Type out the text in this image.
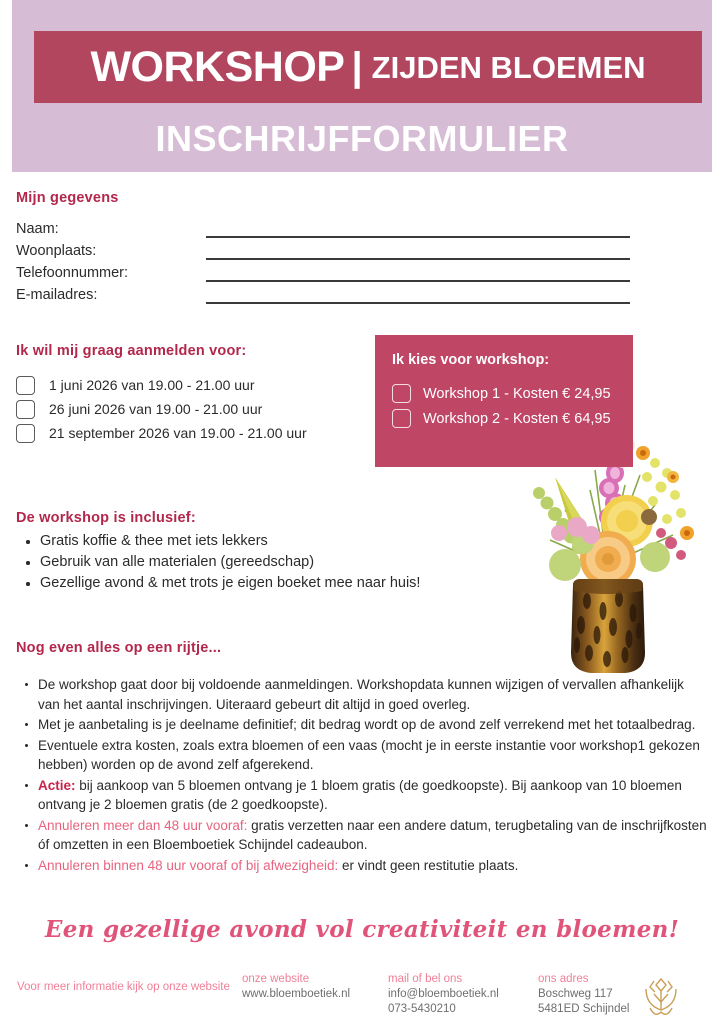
WORKSHOP | ZIJDEN BLOEMEN
INSCHRIJFFORMULIER
Mijn gegevens
Naam:
Woonplaats:
Telefoonnummer:
E-mailadres:
Ik wil mij graag aanmelden voor:
1 juni 2026 van 19.00 - 21.00 uur
26 juni 2026 van 19.00 - 21.00 uur
21 september 2026 van 19.00 - 21.00 uur
Ik kies voor workshop:
Workshop 1 - Kosten € 24,95
Workshop 2 - Kosten € 64,95
De workshop is inclusief:
Gratis koffie & thee met iets lekkers
Gebruik van alle materialen (gereedschap)
Gezellige avond & met trots je eigen boeket mee naar huis!
Nog even alles op een rijtje...
De workshop gaat door bij voldoende aanmeldingen. Workshopdata kunnen wijzigen of vervallen afhankelijk van het aantal inschrijvingen. Uiteraard gebeurt dit altijd in goed overleg.
Met je aanbetaling is je deelname definitief; dit bedrag wordt op de avond zelf verrekend met het totaalbedrag.
Eventuele extra kosten, zoals extra bloemen of een vaas (mocht je in eerste instantie voor workshop1 gekozen hebben) worden op de avond zelf afgerekend.
Actie: bij aankoop van 5 bloemen ontvang je 1 bloem gratis (de goedkoopste). Bij aankoop van 10 bloemen ontvang je 2 bloemen gratis (de 2 goedkoopste).
Annuleren meer dan 48 uur vooraf: gratis verzetten naar een andere datum, terugbetaling van de inschrijfkosten óf omzetten in een Bloemboetiek Schijndel cadeaubon.
Annuleren binnen 48 uur vooraf of bij afwezigheid: er vindt geen restitutie plaats.
Een gezellige avond vol creativiteit en bloemen!
Voor meer informatie kijk op onze website
onze website
www.bloemboetiek.nl
mail of bel ons
info@bloemboetiek.nl
073-5430210
ons adres
Boschweg 117
5481ED Schijndel
